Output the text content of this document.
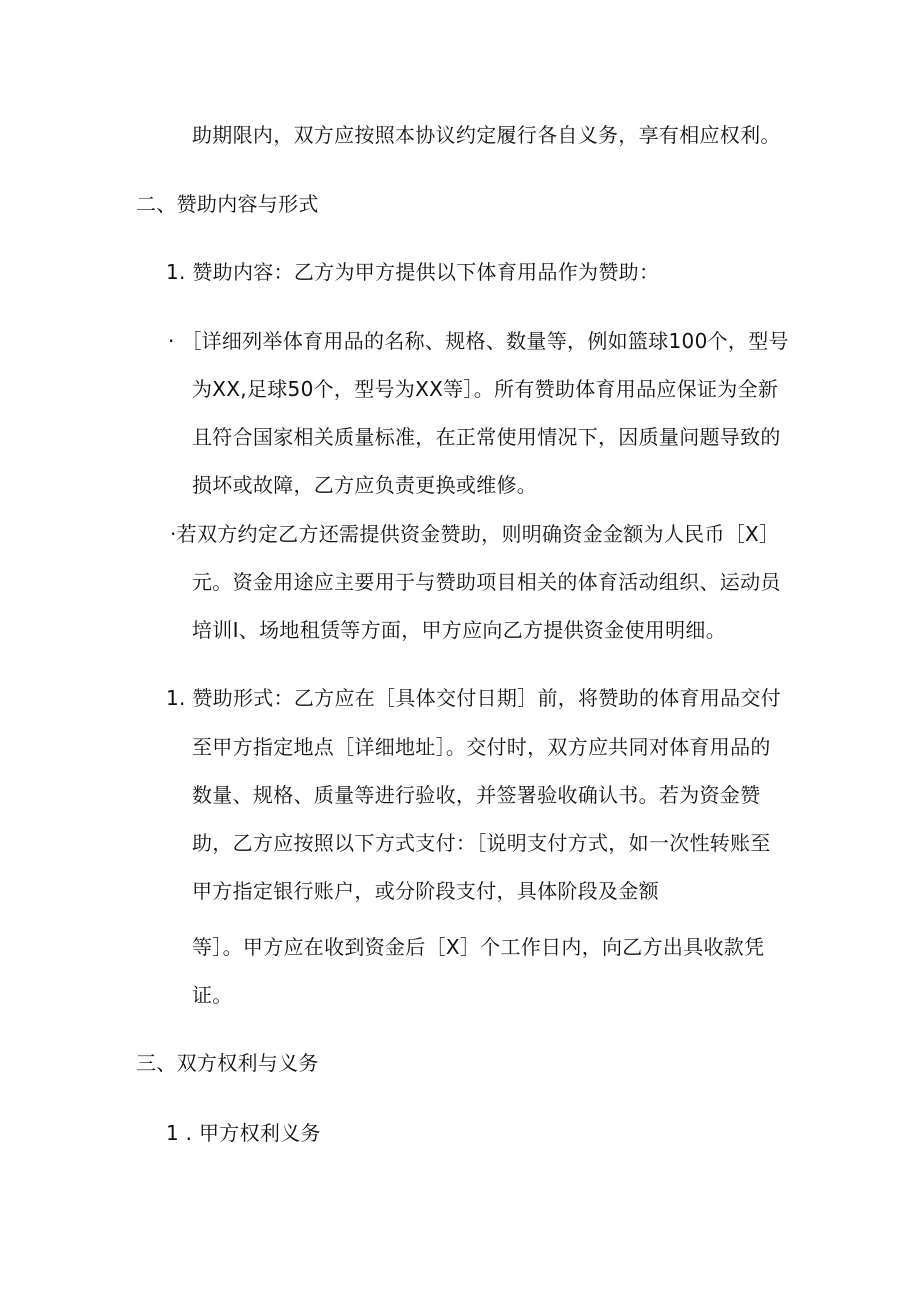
助期限内，双方应按照本协议约定履行各自义务，享有相应权利。
二、赞助内容与形式
1. 赞助内容：乙方为甲方提供以下体育用品作为赞助：
· ［详细列举体育用品的名称、规格、数量等，例如篮球100个，型号
为XX,足球50个，型号为XX等］。所有赞助体育用品应保证为全新
且符合国家相关质量标准，在正常使用情况下，因质量问题导致的
损坏或故障，乙方应负责更换或维修。
·若双方约定乙方还需提供资金赞助，则明确资金金额为人民币［X］
元。资金用途应主要用于与赞助项目相关的体育活动组织、运动员
培训I、场地租赁等方面，甲方应向乙方提供资金使用明细。
1. 赞助形式：乙方应在［具体交付日期］前，将赞助的体育用品交付
至甲方指定地点［详细地址］。交付时，双方应共同对体育用品的
数量、规格、质量等进行验收，并签署验收确认书。若为资金赞
助，乙方应按照以下方式支付：［说明支付方式，如一次性转账至
甲方指定银行账户，或分阶段支付，具体阶段及金额
等］。甲方应在收到资金后［X］个工作日内，向乙方出具收款凭
证。
三、双方权利与义务
1 . 甲方权利义务
